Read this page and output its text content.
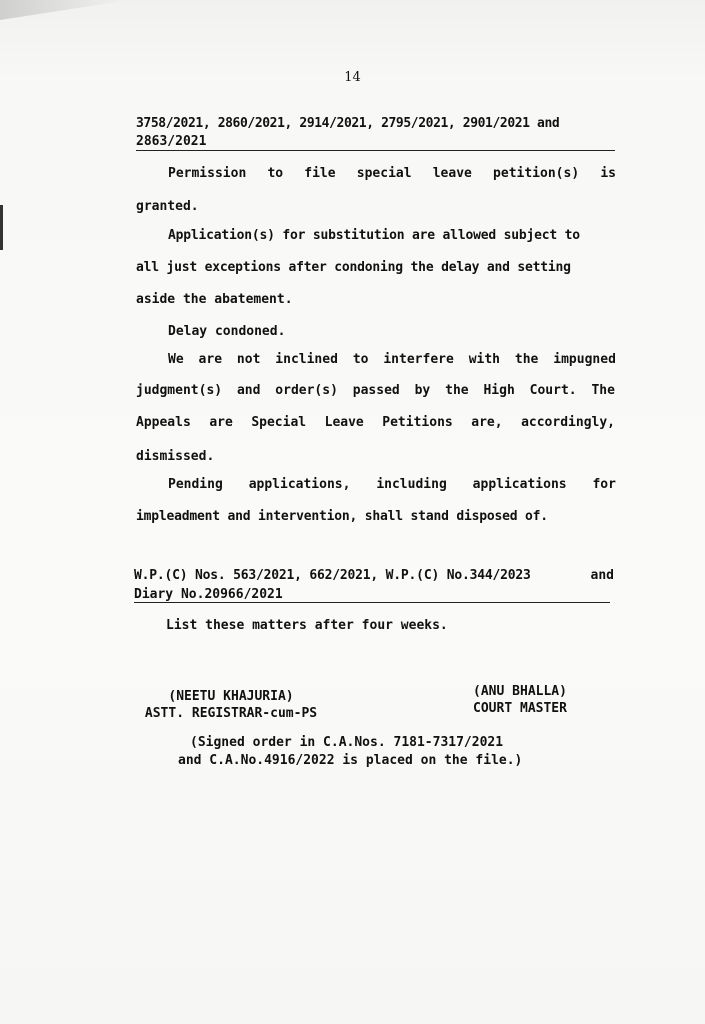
14
3758/2021, 2860/2021, 2914/2021, 2795/2021, 2901/2021 and
2863/2021
Permission to file special leave petition(s) is
granted.
Application(s) for substitution are allowed subject to
all just exceptions after condoning the delay and setting
aside the abatement.
Delay condoned.
We are not inclined to interfere with the impugned
judgment(s) and order(s) passed by the High Court. The
Appeals are Special Leave Petitions are, accordingly,
dismissed.
Pending applications, including applications for
impleadment and intervention, shall stand disposed of.
W.P.(C) Nos. 563/2021, 662/2021, W.P.(C) No.344/2023	and
Diary No.20966/2021
List these matters after four weeks.
(NEETU KHAJURIA)
ASTT. REGISTRAR-cum-PS
(ANU BHALLA)
COURT MASTER
(Signed order in C.A.Nos. 7181-7317/2021
and C.A.No.4916/2022 is placed on the file.)
